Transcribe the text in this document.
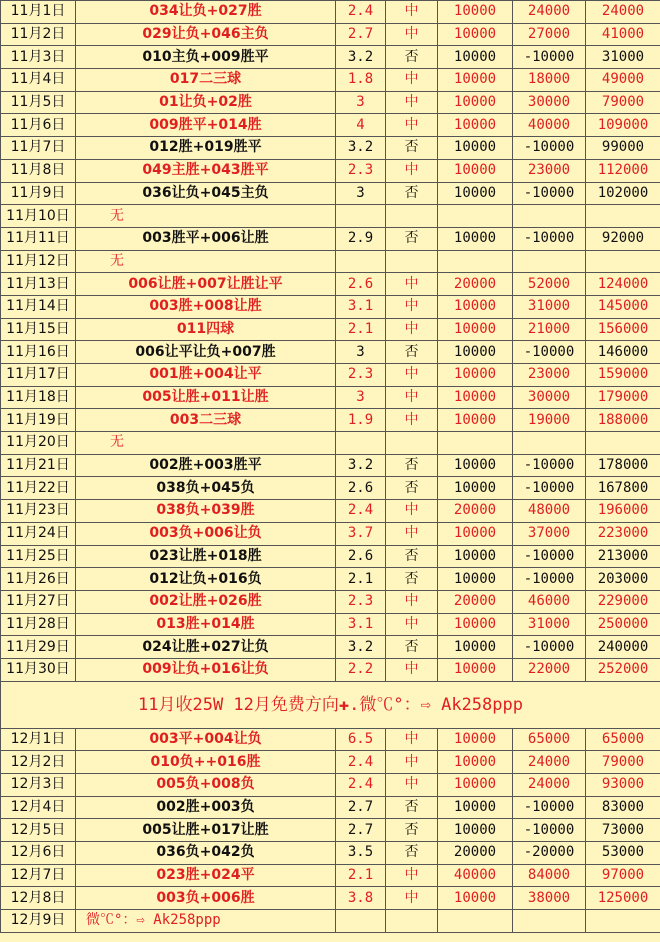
11月1日	034让负+027胜	2.4	中	10000	24000	24000
11月2日	029让负+046主负	2.7	中	10000	27000	41000
11月3日	010主负+009胜平	3.2	否	10000	-10000	31000
11月4日	017二三球	1.8	中	10000	18000	49000
11月5日	01让负+02胜	3	中	10000	30000	79000
11月6日	009胜平+014胜	4	中	10000	40000	109000
11月7日	012胜+019胜平	3.2	否	10000	-10000	99000
11月8日	049主胜+043胜平	2.3	中	10000	23000	112000
11月9日	036让负+045主负	3	否	10000	-10000	102000
11月10日	无					
11月11日	003胜平+006让胜	2.9	否	10000	-10000	92000
11月12日	无					
11月13日	006让胜+007让胜让平	2.6	中	20000	52000	124000
11月14日	003胜+008让胜	3.1	中	10000	31000	145000
11月15日	011四球	2.1	中	10000	21000	156000
11月16日	006让平让负+007胜	3	否	10000	-10000	146000
11月17日	001胜+004让平	2.3	中	10000	23000	159000
11月18日	005让胜+011让胜	3	中	10000	30000	179000
11月19日	003二三球	1.9	中	10000	19000	188000
11月20日	无					
11月21日	002胜+003胜平	3.2	否	10000	-10000	178000
11月22日	038负+045负	2.6	否	10000	-10000	167800
11月23日	038负+039胜	2.4	中	20000	48000	196000
11月24日	003负+006让负	3.7	中	10000	37000	223000
11月25日	023让胜+018胜	2.6	否	10000	-10000	213000
11月26日	012让负+016负	2.1	否	10000	-10000	203000
11月27日	002让胜+026胜	2.3	中	20000	46000	229000
11月28日	013胜+014胜	3.1	中	10000	31000	250000
11月29日	024让胜+027让负	3.2	否	10000	-10000	240000
11月30日	009让负+016让负	2.2	中	10000	22000	252000
11月收25W 12月免费方向✚.微℃°：⇨ Ak258ppp						
12月1日	003平+004让负	6.5	中	10000	65000	65000
12月2日	010负++016胜	2.4	中	10000	24000	79000
12月3日	005负+008负	2.4	中	10000	24000	93000
12月4日	002胜+003负	2.7	否	10000	-10000	83000
12月5日	005让胜+017让胜	2.7	否	10000	-10000	73000
12月6日	036负+042负	3.5	否	20000	-20000	53000
12月7日	023胜+024平	2.1	中	40000	84000	97000
12月8日	003负+006胜	3.8	中	10000	38000	125000
12月9日	微℃°：⇨ Ak258ppp					
